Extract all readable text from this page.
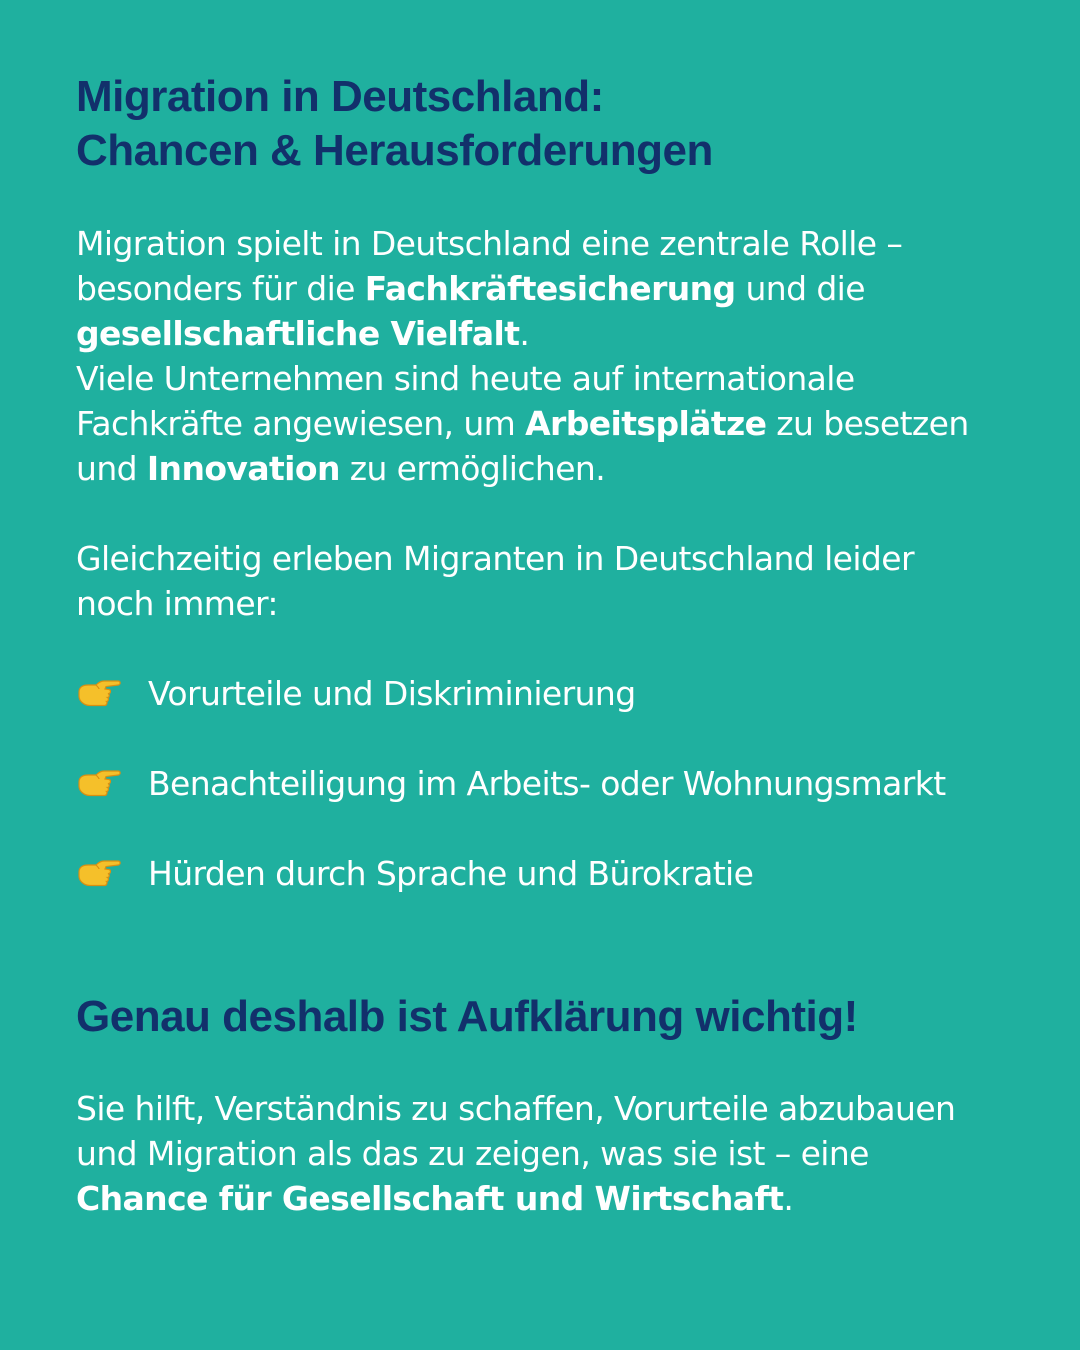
Migration in Deutschland:
Chancen & Herausforderungen
Migration spielt in Deutschland eine zentrale Rolle –
besonders für die Fachkräftesicherung und die
gesellschaftliche Vielfalt.
Viele Unternehmen sind heute auf internationale
Fachkräfte angewiesen, um Arbeitsplätze zu besetzen
und Innovation zu ermöglichen.
Gleichzeitig erleben Migranten in Deutschland leider
noch immer:
Vorurteile und Diskriminierung
Benachteiligung im Arbeits- oder Wohnungsmarkt
Hürden durch Sprache und Bürokratie
Genau deshalb ist Aufklärung wichtig!
Sie hilft, Verständnis zu schaffen, Vorurteile abzubauen
und Migration als das zu zeigen, was sie ist – eine
Chance für Gesellschaft und Wirtschaft.
